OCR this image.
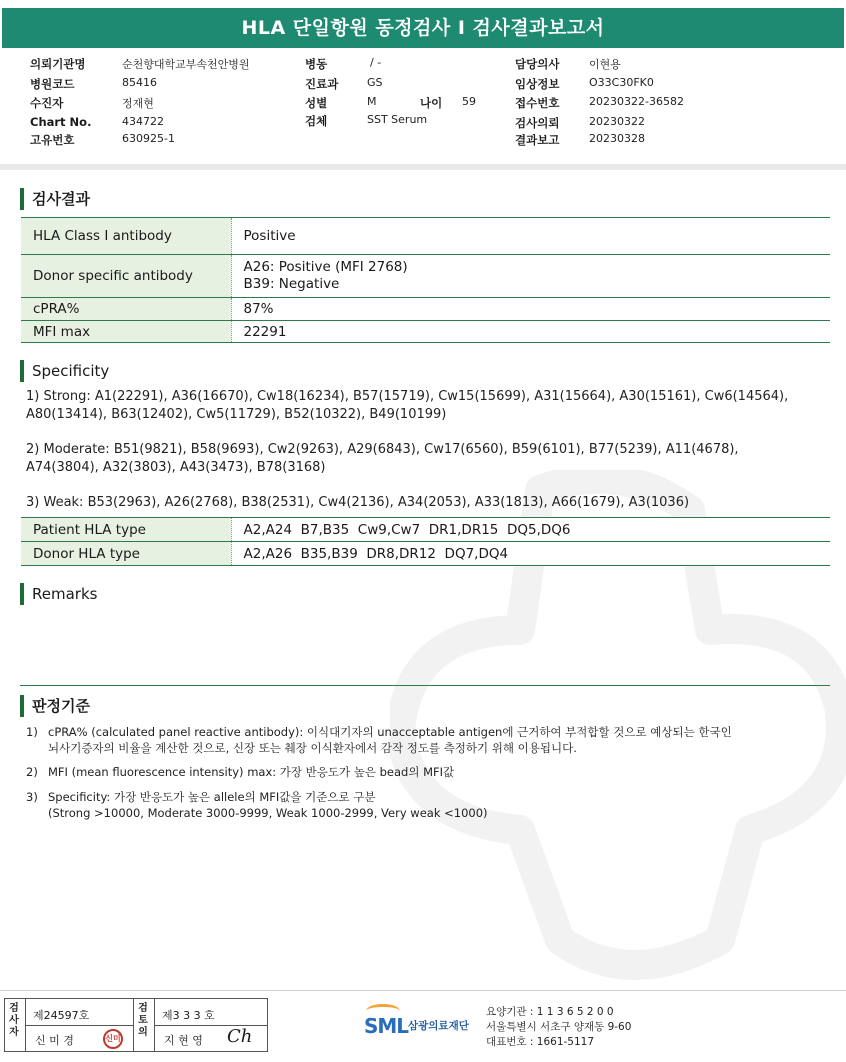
HLA 단일항원 동정검사 I 검사결과보고서
의뢰기관명	순천향대학교부속천안병원
병원코드	85416
수진자	정재현
Chart No.	434722
고유번호	630925-1
병동	/ -
진료과	GS
성별	M	나이 59
검체	SST Serum
담당의사	이현용
임상정보	O33C30FK0
접수번호	20230322-36582
검사의뢰	20230322
결과보고	20230328
검사결과
HLA Class I antibody	Positive
Donor specific antibody	A26: Positive (MFI 2768)
B39: Negative

cPRA%	87%
MFI max	22291
Specificity
1) Strong: A1(22291), A36(16670), Cw18(16234), B57(15719), Cw15(15699), A31(15664), A30(15161), Cw6(14564), A80(13414), B63(12402), Cw5(11729), B52(10322), B49(10199)
2) Moderate: B51(9821), B58(9693), Cw2(9263), A29(6843), Cw17(6560), B59(6101), B77(5239), A11(4678), A74(3804), A32(3803), A43(3473), B78(3168)
3) Weak: B53(2963), A26(2768), B38(2531), Cw4(2136), A34(2053), A33(1813), A66(1679), A3(1036)
Patient HLA type	A2,A24  B7,B35  Cw9,Cw7  DR1,DR15  DQ5,DQ6
Donor HLA type	A2,A26  B35,B39  DR8,DR12  DQ7,DQ4
Remarks
판정기준
1) cPRA% (calculated panel reactive antibody): 이식대기자의 unacceptable antigen에 근거하여 부적합할 것으로 예상되는 한국인
뇌사기증자의 비율을 계산한 것으로, 신장 또는 췌장 이식환자에서 감작 정도를 측정하기 위해 이용됩니다.
2) MFI (mean fluorescence intensity) max: 가장 반응도가 높은 bead의 MFI값
3) Specificity: 가장 반응도가 높은 allele의 MFI값을 기준으로 구분
(Strong >10000, Moderate 3000-9999, Weak 1000-2999, Very weak <1000)
검사자
제24597호
신 미 경	신미
검토의
제3 3 3 호
지 현 영 Ch	SML 삼광의료재단
요양기관 : 1 1 3 6 5 2 0 0
서울특별시 서초구 양재동 9-60
대표번호 : 1661-5117
